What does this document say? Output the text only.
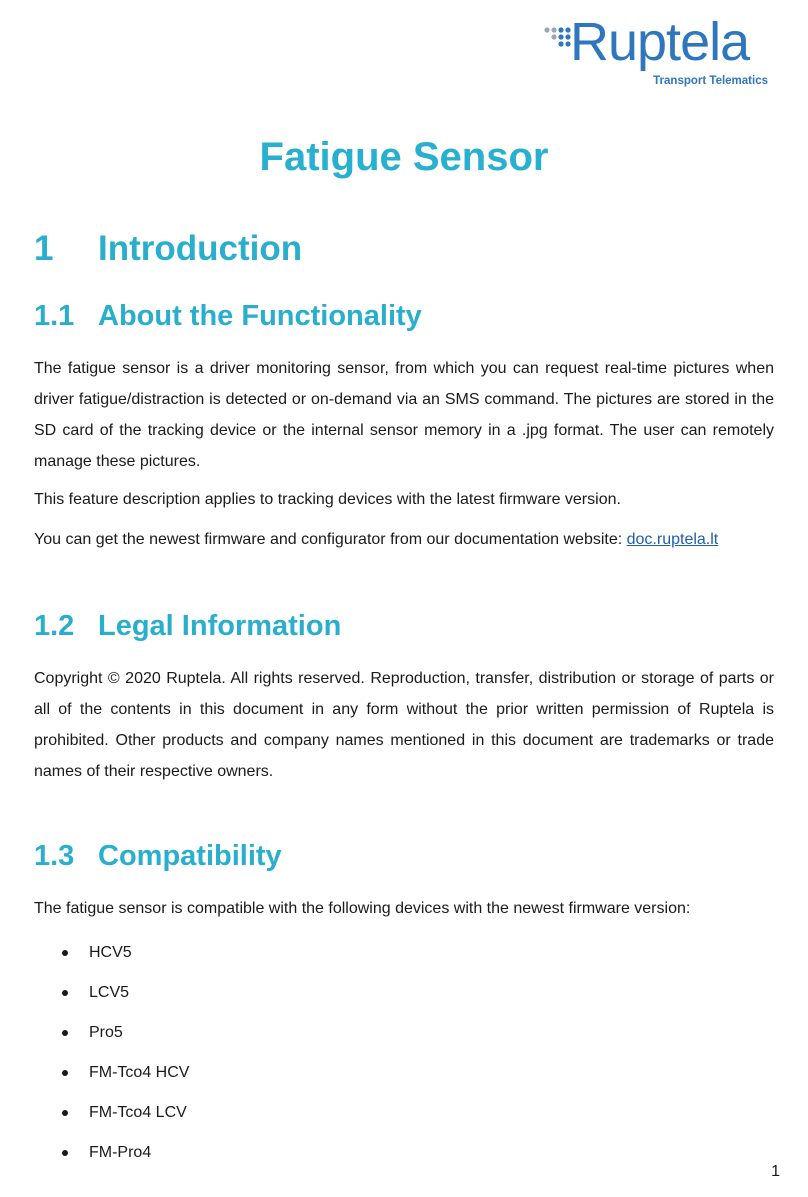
Ruptela
Transport Telematics
Fatigue Sensor
1 Introduction
1.1 About the Functionality

The fatigue sensor is a driver monitoring sensor, from which you can request real-time pictures when driver fatigue/distraction is detected or on-demand via an SMS command. The pictures are stored in the SD card of the tracking device or the internal sensor memory in a .jpg format. The user can remotely manage these pictures.

This feature description applies to tracking devices with the latest firmware version.

You can get the newest firmware and configurator from our documentation website: doc.ruptela.lt

1.2 Legal Information

Copyright © 2020 Ruptela. All rights reserved. Reproduction, transfer, distribution or storage of parts or all of the contents in this document in any form without the prior written permission of Ruptela is prohibited. Other products and company names mentioned in this document are trademarks or trade names of their respective owners.

1.3 Compatibility

The fatigue sensor is compatible with the following devices with the newest firmware version:

HCV5
LCV5
Pro5
FM-Tco4 HCV
FM-Tco4 LCV
FM-Pro4
1
